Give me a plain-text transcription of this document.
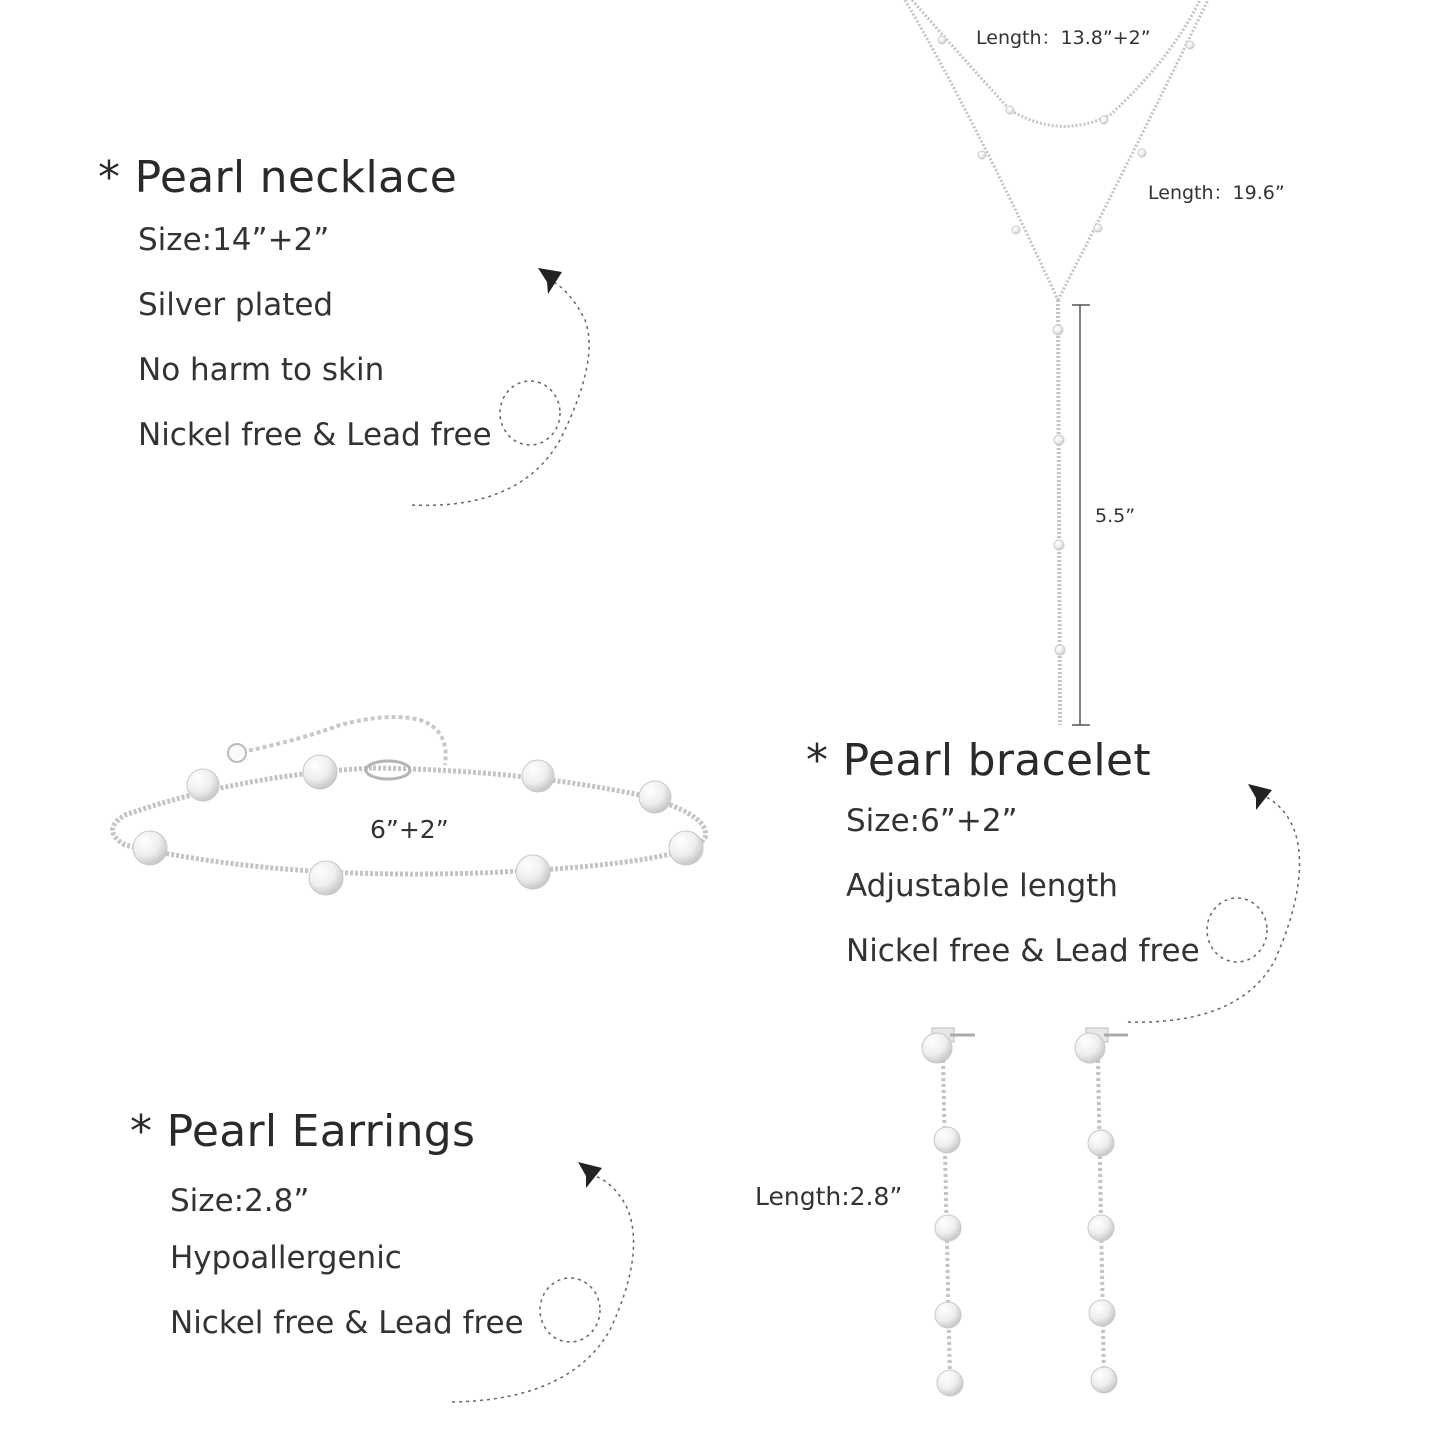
* Pearl necklace
Size:14”+2”
Silver plated
No harm to skin
Nickel free & Lead free
Length：13.8”+2”
Length：19.6”
5.5”
6”+2”
* Pearl bracelet
Size:6”+2”
Adjustable length
Nickel free & Lead free
* Pearl Earrings
Size:2.8”
Hypoallergenic
Nickel free & Lead free
Length:2.8”
